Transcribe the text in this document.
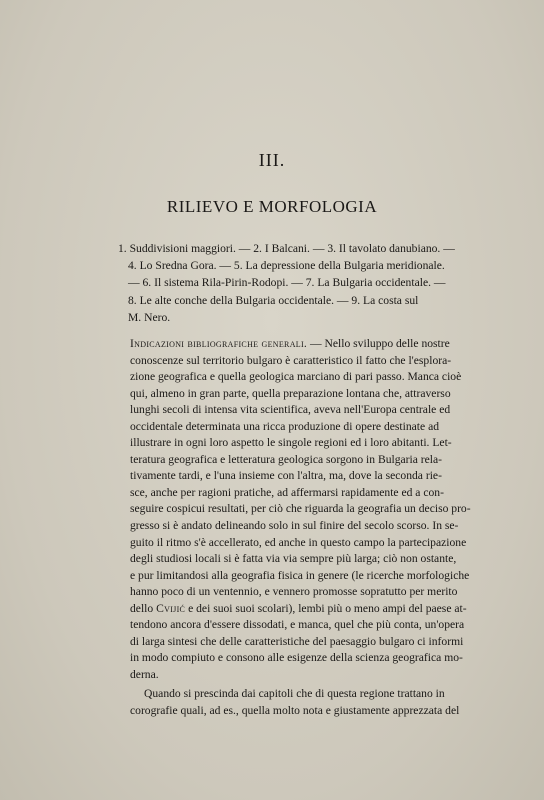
III.
RILIEVO E MORFOLOGIA
1. Suddivisioni maggiori. — 2. I Balcani. — 3. Il tavolato danubiano. —
4. Lo Sredna Gora. — 5. La depressione della Bulgaria meridionale.
— 6. Il sistema Rila-Pirin-Rodopi. — 7. La Bulgaria occidentale. —
8. Le alte conche della Bulgaria occidentale. — 9. La costa sul
M. Nero.
Indicazioni bibliografiche generali. — Nello sviluppo delle nostre
conoscenze sul territorio bulgaro è caratteristico il fatto che l'esplora-
zione geografica e quella geologica marciano di pari passo. Manca cioè
qui, almeno in gran parte, quella preparazione lontana che, attraverso
lunghi secoli di intensa vita scientifica, aveva nell'Europa centrale ed
occidentale determinata una ricca produzione di opere destinate ad
illustrare in ogni loro aspetto le singole regioni ed i loro abitanti. Let-
teratura geografica e letteratura geologica sorgono in Bulgaria rela-
tivamente tardi, e l'una insieme con l'altra, ma, dove la seconda rie-
sce, anche per ragioni pratiche, ad affermarsi rapidamente ed a con-
seguire cospicui resultati, per ciò che riguarda la geografia un deciso pro-
gresso si è andato delineando solo in sul finire del secolo scorso. In se-
guito il ritmo s'è accellerato, ed anche in questo campo la partecipazione
degli studiosi locali si è fatta via via sempre più larga; ciò non ostante,
e pur limitandosi alla geografia fisica in genere (le ricerche morfologiche
hanno poco di un ventennio, e vennero promosse sopratutto per merito
dello Cvijić e dei suoi suoi scolari), lembi più o meno ampi del paese at-
tendono ancora d'essere dissodati, e manca, quel che più conta, un'opera
di larga sintesi che delle caratteristiche del paesaggio bulgaro ci informi
in modo compiuto e consono alle esigenze della scienza geografica mo-
derna.
Quando si prescinda dai capitoli che di questa regione trattano in
corografie quali, ad es., quella molto nota e giustamente apprezzata del
